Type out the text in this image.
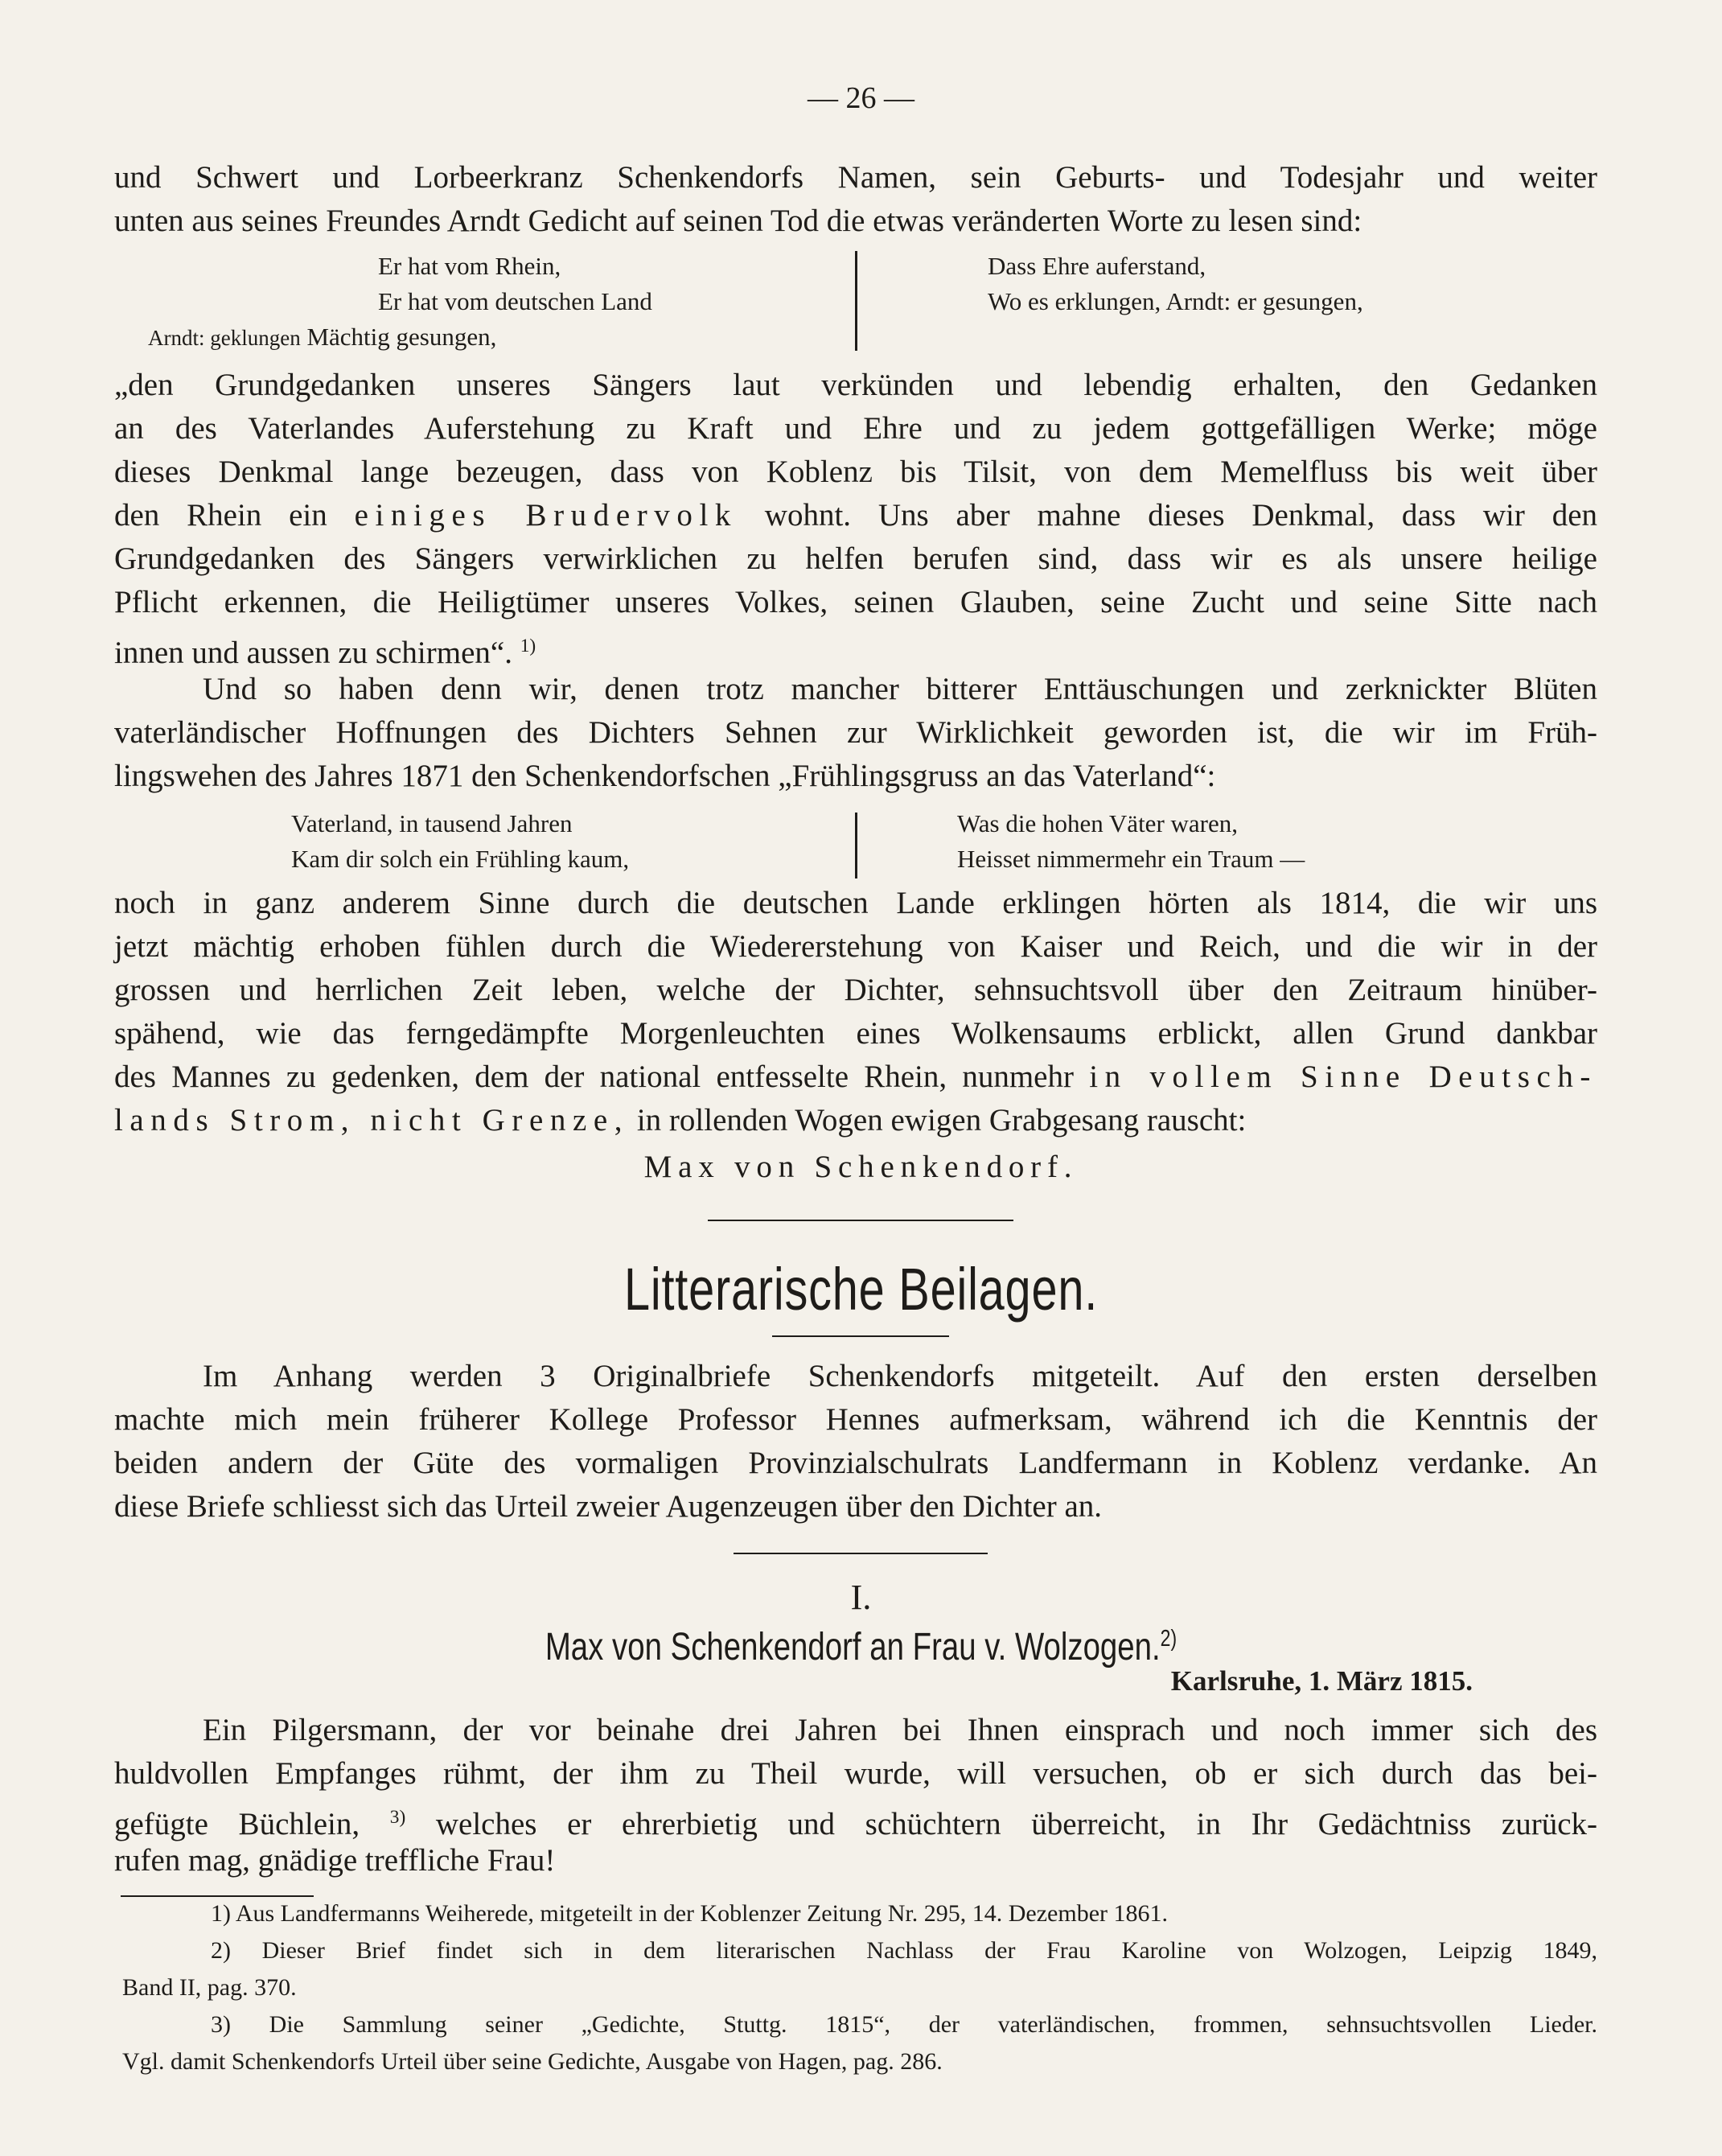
— 26 —
und Schwert und Lorbeerkranz Schenkendorfs Namen, sein Geburts- und Todesjahr und weiter
unten aus seines Freundes Arndt Gedicht auf seinen Tod die etwas veränderten Worte zu lesen sind:
Er hat vom Rhein,
Er hat vom deutschen Land
Arndt: geklungen Mächtig gesungen,
Dass Ehre auferstand,
Wo es erklungen, Arndt: er gesungen,
„den Grundgedanken unseres Sängers laut verkünden und lebendig erhalten, den Gedanken
an des Vaterlandes Auferstehung zu Kraft und Ehre und zu jedem gottgefälligen Werke; möge
dieses Denkmal lange bezeugen, dass von Koblenz bis Tilsit, von dem Memelfluss bis weit über
den Rhein ein einiges Brudervolk wohnt. Uns aber mahne dieses Denkmal, dass wir den
Grundgedanken des Sängers verwirklichen zu helfen berufen sind, dass wir es als unsere heilige
Pflicht erkennen, die Heiligtümer unseres Volkes, seinen Glauben, seine Zucht und seine Sitte nach
innen und aussen zu schirmen“. $^{1)}$
Und so haben denn wir, denen trotz mancher bitterer Enttäuschungen und zerknickter Blüten
vaterländischer Hoffnungen des Dichters Sehnen zur Wirklichkeit geworden ist, die wir im Früh-
lingswehen des Jahres 1871 den Schenkendorfschen „Frühlingsgruss an das Vaterland“:
Vaterland, in tausend Jahren
Kam dir solch ein Frühling kaum,
Was die hohen Väter waren,
Heisset nimmermehr ein Traum —
noch in ganz anderem Sinne durch die deutschen Lande erklingen hörten als 1814, die wir uns
jetzt mächtig erhoben fühlen durch die Wiedererstehung von Kaiser und Reich, und die wir in der
grossen und herrlichen Zeit leben, welche der Dichter, sehnsuchtsvoll über den Zeitraum hinüber-
spähend, wie das ferngedämpfte Morgenleuchten eines Wolkensaums erblickt, allen Grund dankbar
des Mannes zu gedenken, dem der national entfesselte Rhein, nunmehr in vollem Sinne Deutsch-
lands Strom, nicht Grenze, in rollenden Wogen ewigen Grabgesang rauscht:
Max von Schenkendorf.
Litterarische Beilagen.
Im Anhang werden 3 Originalbriefe Schenkendorfs mitgeteilt. Auf den ersten derselben
machte mich mein früherer Kollege Professor Hennes aufmerksam, während ich die Kenntnis der
beiden andern der Güte des vormaligen Provinzialschulrats Landfermann in Koblenz verdanke. An
diese Briefe schliesst sich das Urteil zweier Augenzeugen über den Dichter an.
I.
Max von Schenkendorf an Frau v. Wolzogen.$^{2)}$
Karlsruhe, 1. März 1815.
Ein Pilgersmann, der vor beinahe drei Jahren bei Ihnen einsprach und noch immer sich des
huldvollen Empfanges rühmt, der ihm zu Theil wurde, will versuchen, ob er sich durch das bei-
gefügte Büchlein, $^{3)}$ welches er ehrerbietig und schüchtern überreicht, in Ihr Gedächtniss zurück-
rufen mag, gnädige treffliche Frau!
1) Aus Landfermanns Weiherede, mitgeteilt in der Koblenzer Zeitung Nr. 295, 14. Dezember 1861.
2) Dieser Brief findet sich in dem literarischen Nachlass der Frau Karoline von Wolzogen, Leipzig 1849,
Band II, pag. 370.
3) Die Sammlung seiner „Gedichte, Stuttg. 1815“, der vaterländischen, frommen, sehnsuchtsvollen Lieder.
Vgl. damit Schenkendorfs Urteil über seine Gedichte, Ausgabe von Hagen, pag. 286.
